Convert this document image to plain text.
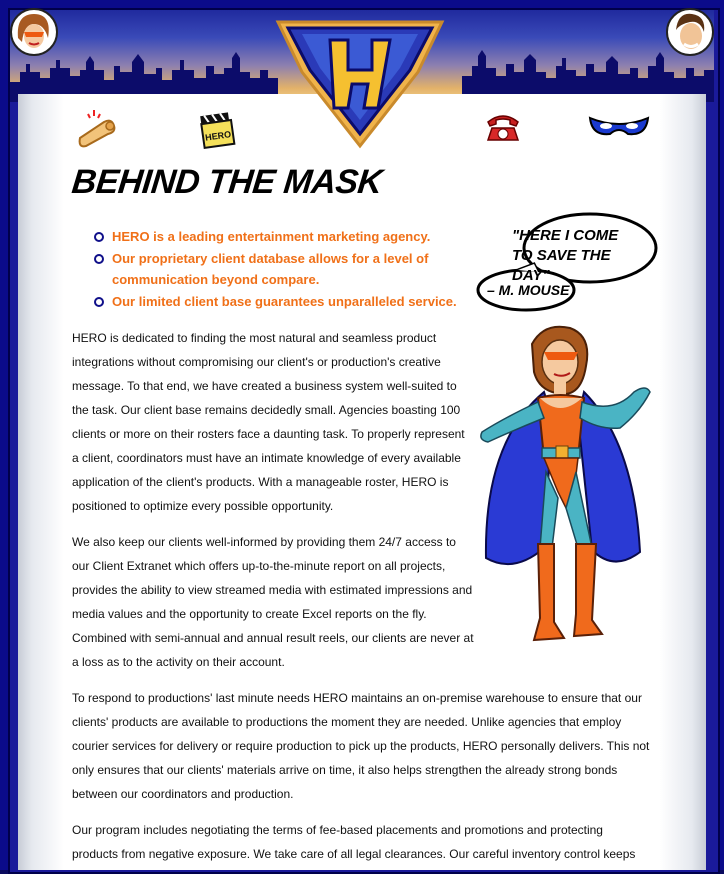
HERO
BEHIND THE MASK
HERO is a leading entertainment marketing agency.
Our proprietary client database allows for a level of communication beyond compare.
Our limited client base guarantees unparalleled service.
"HERE I COME TO SAVE THE DAY"
– M. MOUSE

HERO is dedicated to finding the most natural and seamless product integrations without compromising our client's or production's creative message. To that end, we have created a business system well-suited to the task. Our client base remains decidedly small. Agencies boasting 100 clients or more on their rosters face a daunting task. To properly represent a client, coordinators must have an intimate knowledge of every available application of the client's products. With a manageable roster, HERO is positioned to optimize every possible opportunity.

We also keep our clients well-informed by providing them 24/7 access to our Client Extranet which offers up-to-the-minute report on all projects, provides the ability to view streamed media with estimated impressions and media values and the opportunity to create Excel reports on the fly. Combined with semi-annual and annual result reels, our clients are never at a loss as to the activity on their account.

To respond to productions' last minute needs HERO maintains an on-premise warehouse to ensure that our clients' products are available to productions the moment they are needed. Unlike agencies that employ courier services for delivery or require production to pick up the products, HERO personally delivers. This not only ensures that our clients' materials arrive on time, it also helps strengthen the already strong bonds between our coordinators and production.

Our program includes negotiating the terms of fee-based placements and promotions and protecting products from negative exposure. We take care of all legal clearances. Our careful inventory control keeps
